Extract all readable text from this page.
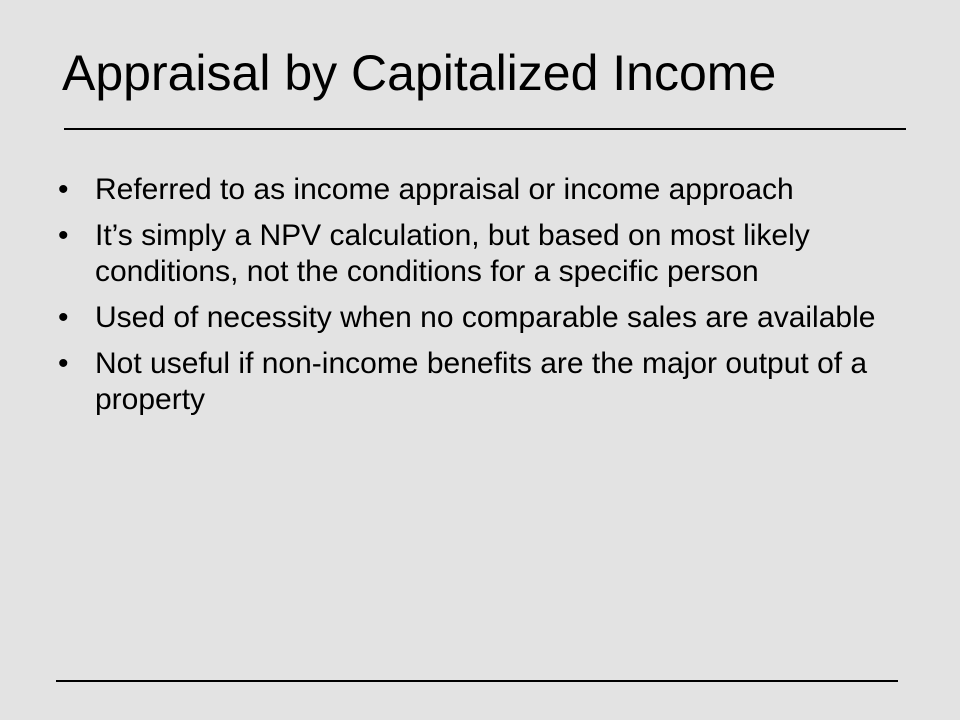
Appraisal by Capitalized Income
• Referred to as income appraisal or income approach
• It’s simply a NPV calculation, but based on most likely conditions, not the conditions for a specific person
• Used of necessity when no comparable sales are available
• Not useful if non-income benefits are the major output of a property
